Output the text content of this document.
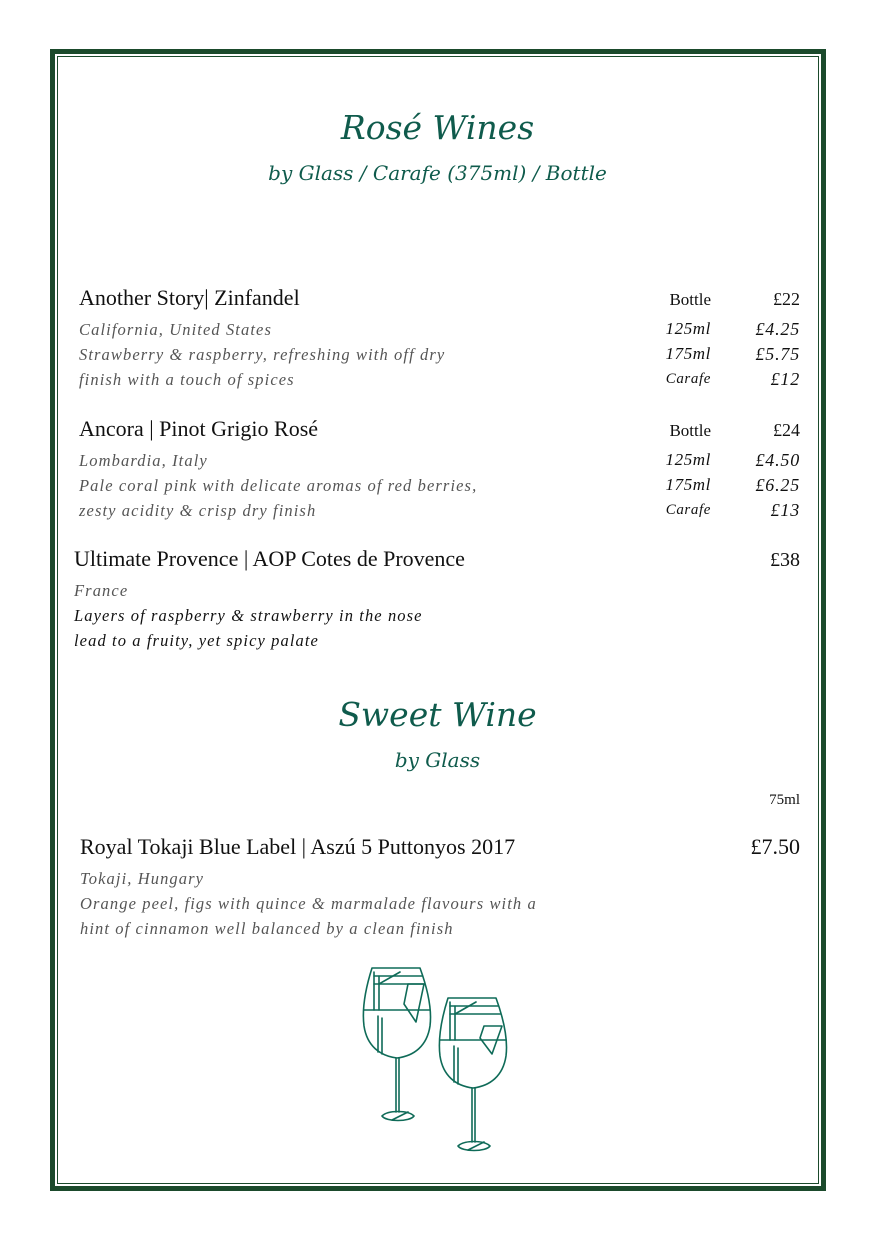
Rosé Wines
by Glass / Carafe (375ml) / Bottle
Another Story| Zinfandel
California, United States
Strawberry & raspberry, refreshing with off dry
finish with a touch of spices
Bottle	£22
125ml	£4.25
175ml	£5.75
Carafe	£12
Ancora | Pinot Grigio Rosé
Lombardia, Italy
Pale coral pink with delicate aromas of red berries,
zesty acidity & crisp dry finish
Bottle	£24
125ml	£4.50
175ml	£6.25
Carafe	£13
Ultimate Provence | AOP Cotes de Provence
France
Layers of raspberry & strawberry in the nose
lead to a fruity, yet spicy palate
£38
Sweet Wine
by Glass
75ml
Royal Tokaji Blue Label | Aszú 5 Puttonyos 2017
Tokaji, Hungary
Orange peel, figs with quince & marmalade flavours with a
hint of cinnamon well balanced by a clean finish
£7.50
